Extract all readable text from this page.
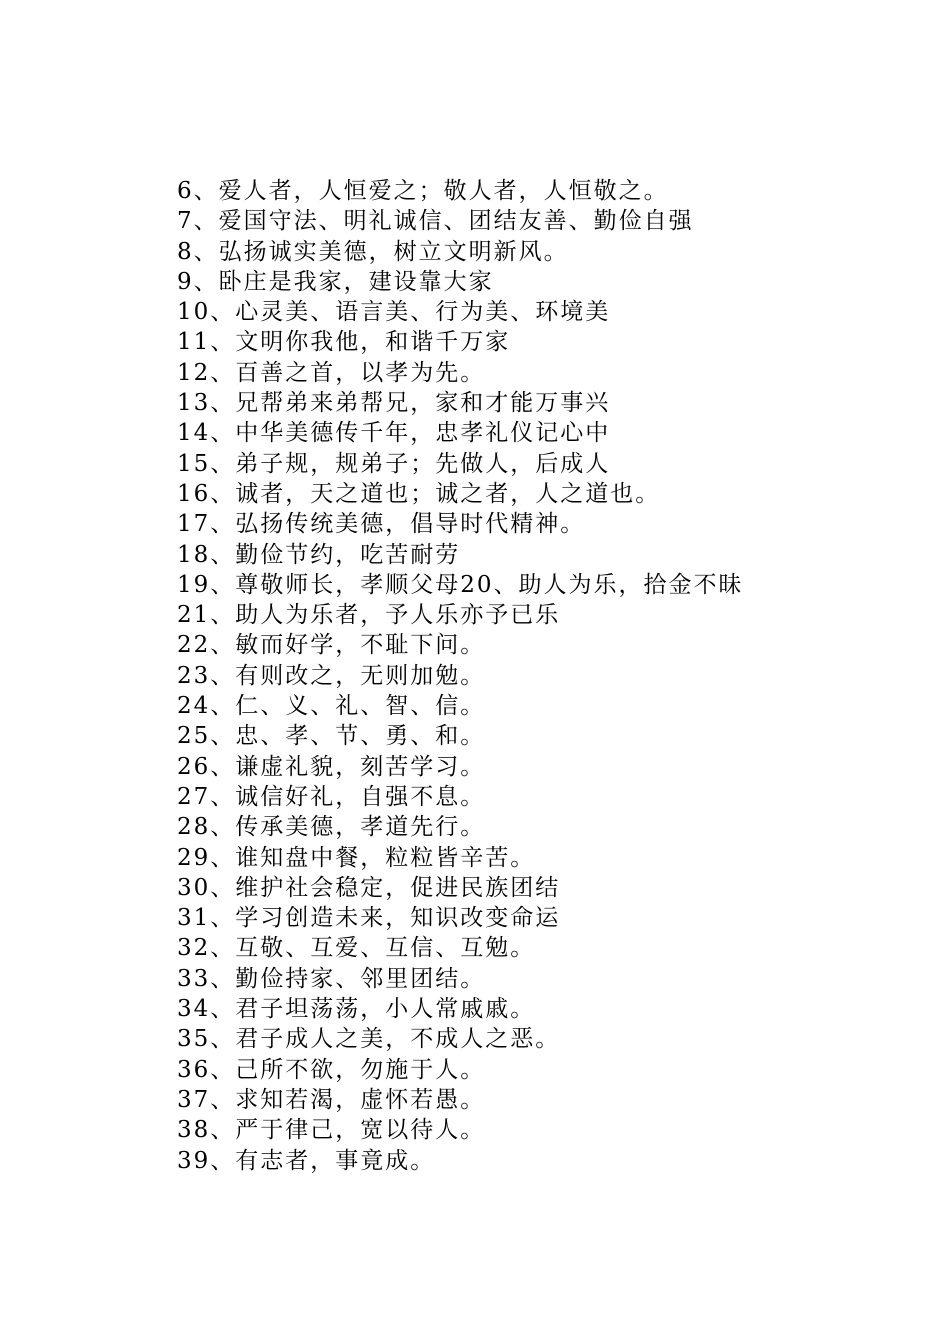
6、爱人者，人恒爱之；敬人者，人恒敬之。
7、爱国守法、明礼诚信、团结友善、勤俭自强
8、弘扬诚实美德，树立文明新风。
9、卧庄是我家，建设靠大家
10、心灵美、语言美、行为美、环境美
11、文明你我他，和谐千万家
12、百善之首，以孝为先。
13、兄帮弟来弟帮兄，家和才能万事兴
14、中华美德传千年，忠孝礼仪记心中
15、弟子规，规弟子；先做人，后成人
16、诚者，天之道也；诚之者，人之道也。
17、弘扬传统美德，倡导时代精神。
18、勤俭节约，吃苦耐劳
19、尊敬师长，孝顺父母20、助人为乐，拾金不昧
21、助人为乐者，予人乐亦予已乐
22、敏而好学，不耻下问。
23、有则改之，无则加勉。
24、仁、义、礼、智、信。
25、忠、孝、节、勇、和。
26、谦虚礼貌，刻苦学习。
27、诚信好礼，自强不息。
28、传承美德，孝道先行。
29、谁知盘中餐，粒粒皆辛苦。
30、维护社会稳定，促进民族团结
31、学习创造未来，知识改变命运
32、互敬、互爱、互信、互勉。
33、勤俭持家、邻里团结。
34、君子坦荡荡，小人常戚戚。
35、君子成人之美，不成人之恶。
36、己所不欲，勿施于人。
37、求知若渴，虚怀若愚。
38、严于律己，宽以待人。
39、有志者，事竟成。
